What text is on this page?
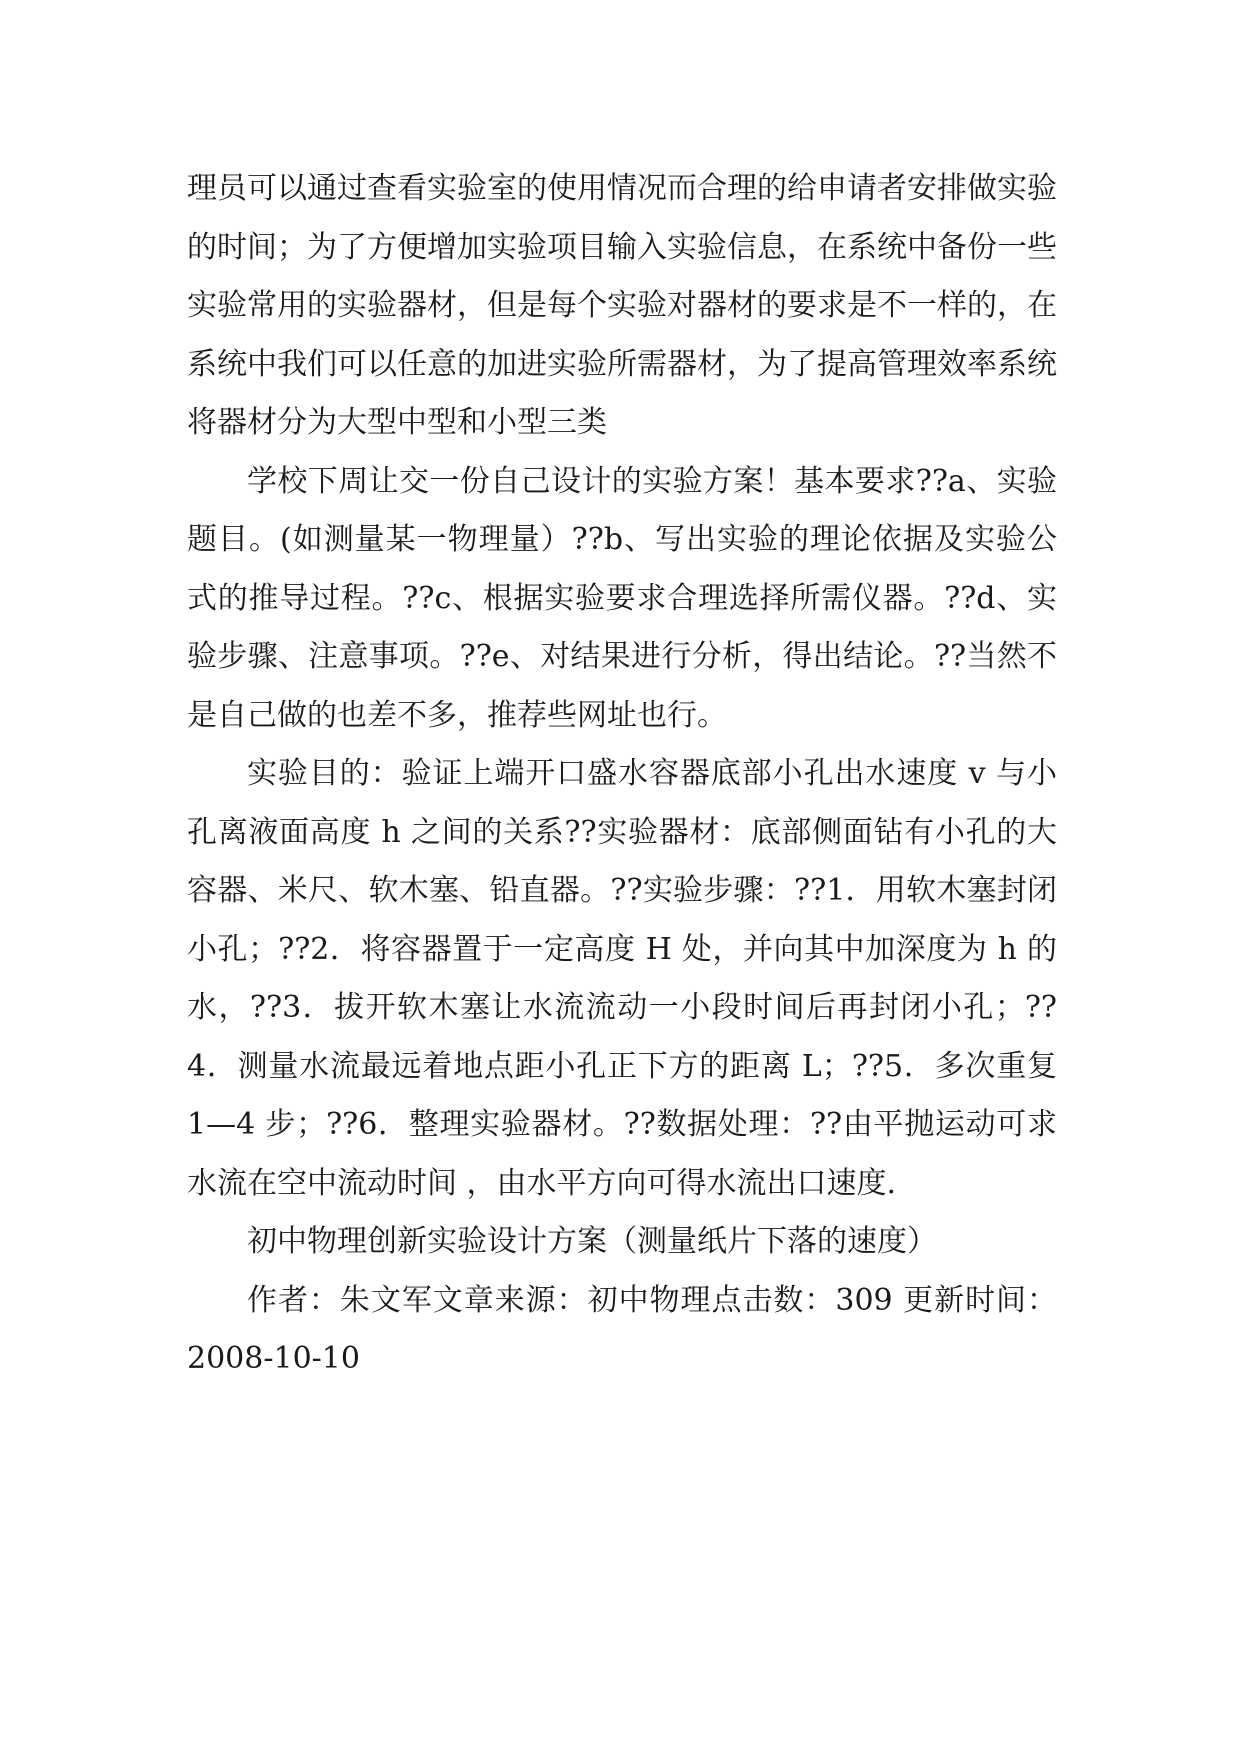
理员可以通过查看实验室的使用情况而合理的给申请者安排做实验的时间；为了方便增加实验项目输入实验信息，在系统中备份一些实验常用的实验器材，但是每个实验对器材的要求是不一样的，在系统中我们可以任意的加进实验所需器材，为了提高管理效率系统将器材分为大型中型和小型三类

学校下周让交一份自己设计的实验方案！基本要求??a、实验题目。(如测量某一物理量）??b、写出实验的理论依据及实验公式的推导过程。??c、根据实验要求合理选择所需仪器。??d、实验步骤、注意事项。??e、对结果进行分析，得出结论。??当然不是自己做的也差不多，推荐些网址也行。

实验目的：验证上端开口盛水容器底部小孔出水速度 v 与小孔离液面高度 h 之间的关系??实验器材：底部侧面钻有小孔的大容器、米尺、软木塞、铅直器。??实验步骤：??1．用软木塞封闭小孔；??2．将容器置于一定高度 H 处，并向其中加深度为 h 的水，??3．拔开软木塞让水流流动一小段时间后再封闭小孔；??4．测量水流最远着地点距小孔正下方的距离 L；??5．多次重复 1—4 步；??6．整理实验器材。??数据处理：??由平抛运动可求水流在空中流动时间 ，由水平方向可得水流出口速度.

初中物理创新实验设计方案（测量纸片下落的速度）

作者：朱文军文章来源：初中物理点击数：309 更新时间：2008-10-10
